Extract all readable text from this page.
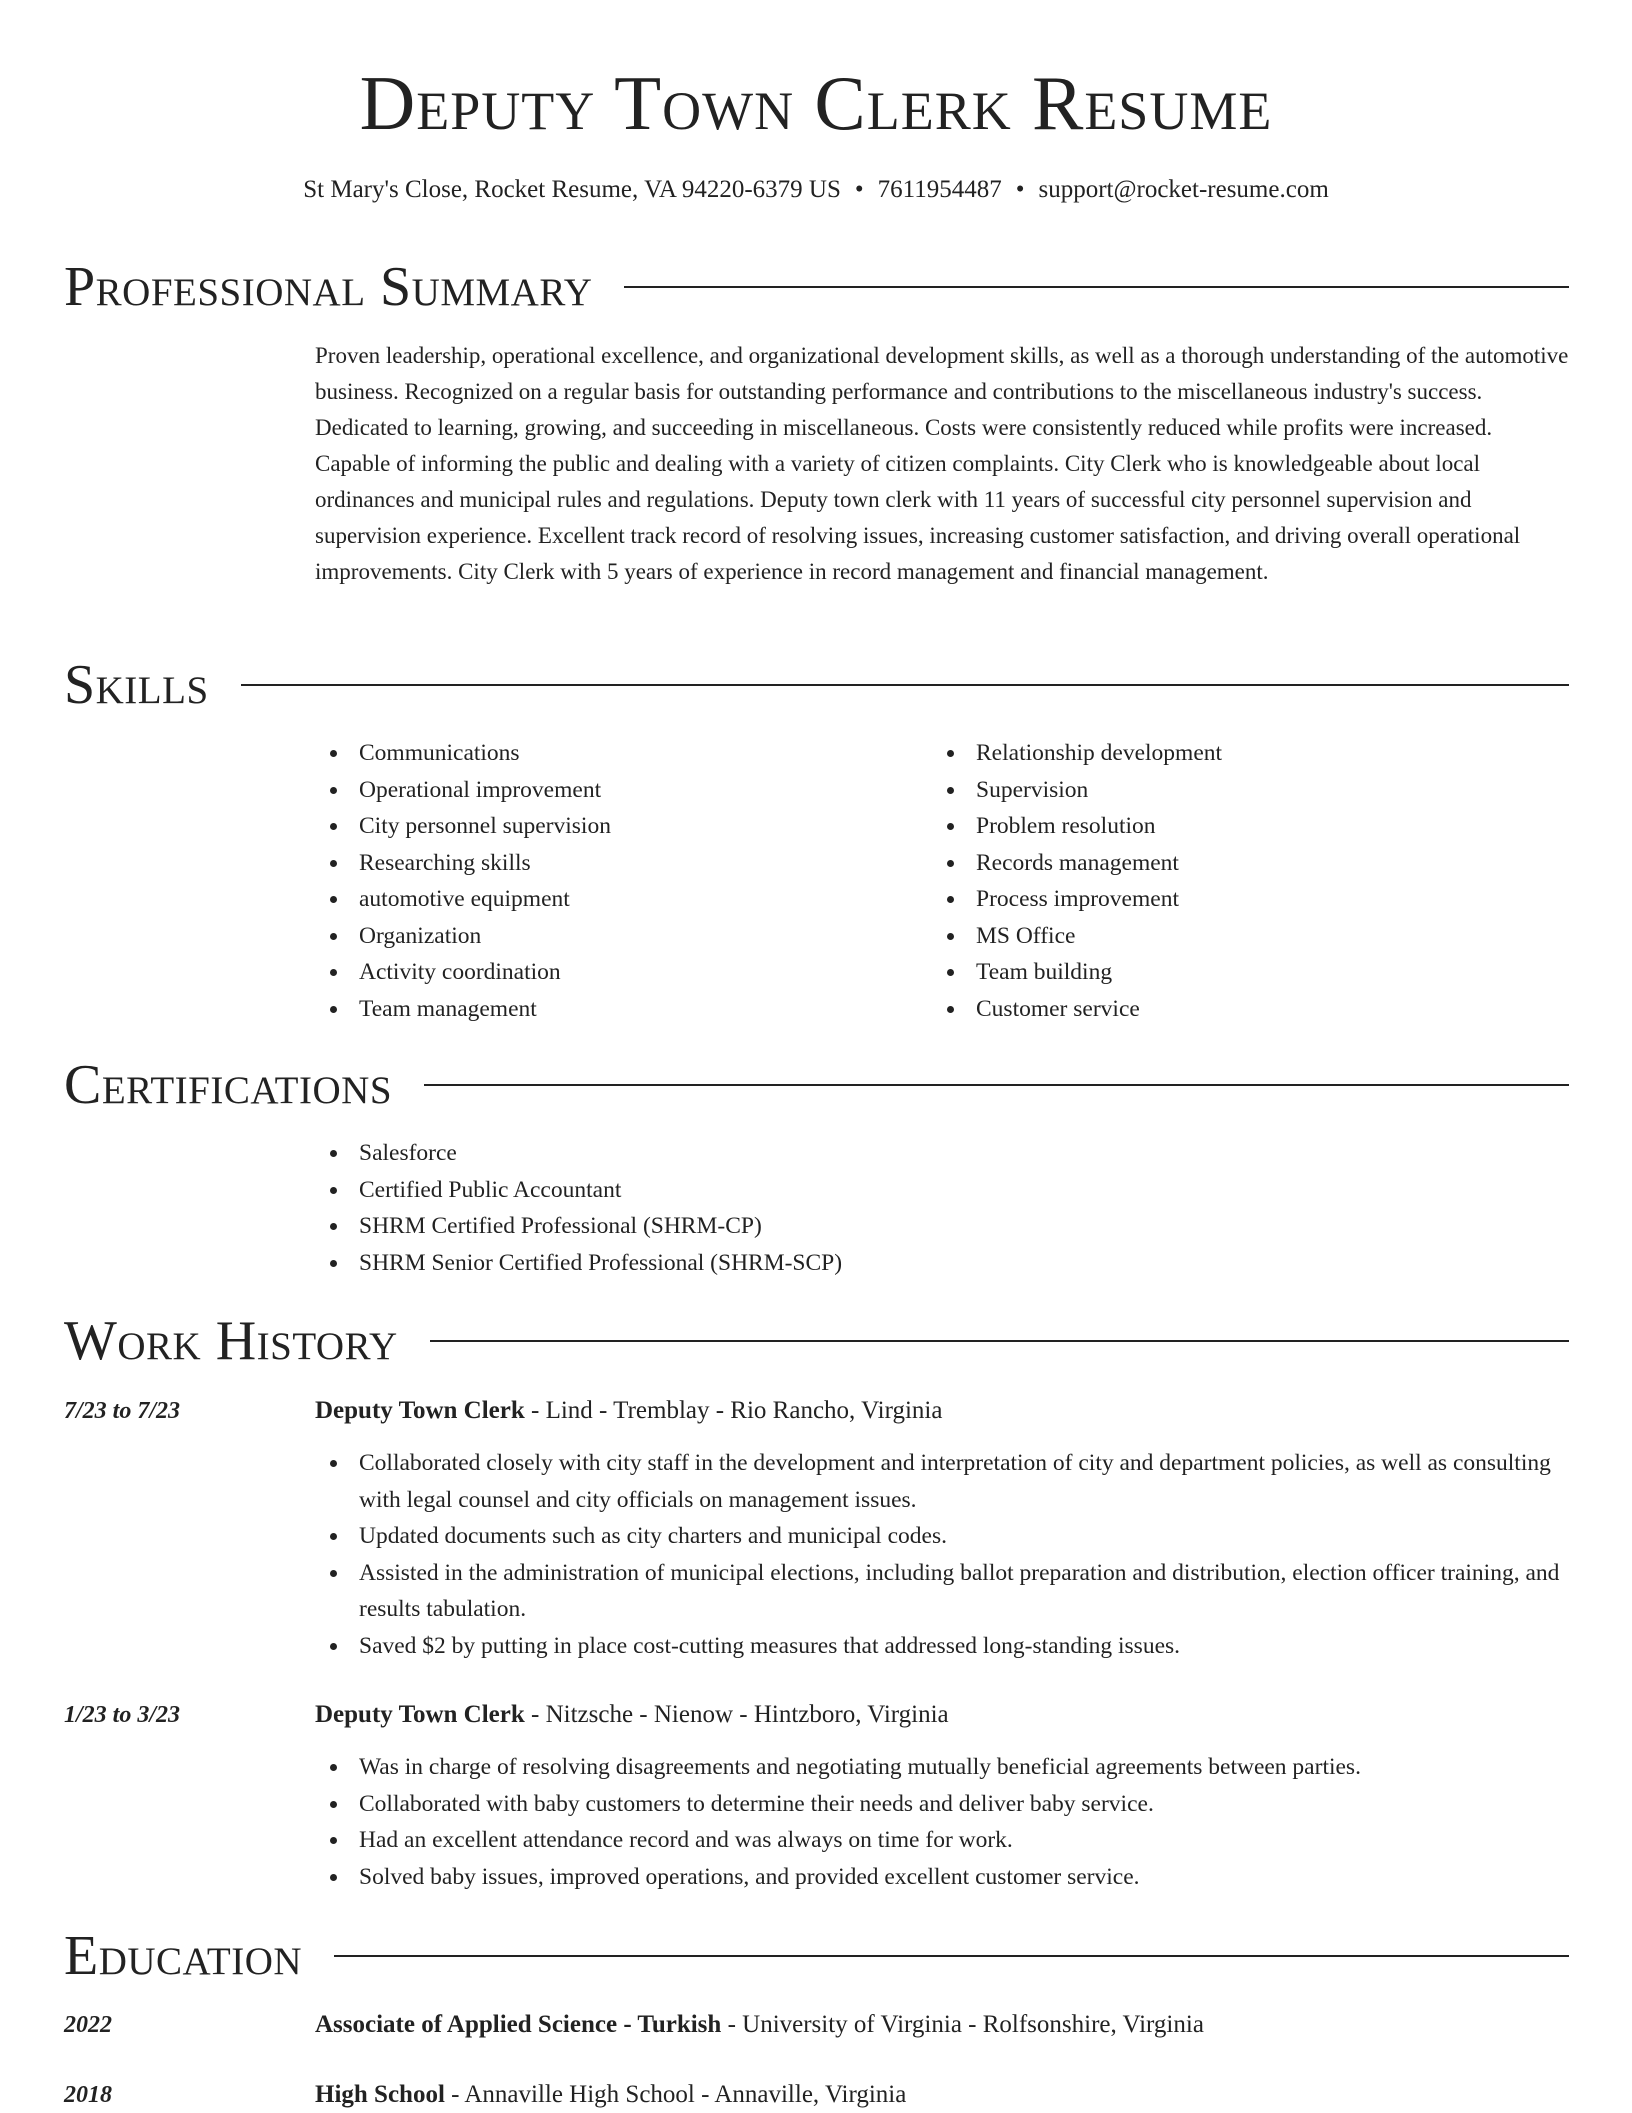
Deputy Town Clerk Resume
St Mary's Close, Rocket Resume, VA 94220-6379 US • 7611954487 • support@rocket-resume.com
Professional Summary

Proven leadership, operational excellence, and organizational development skills, as well as a thorough understanding of the automotive business. Recognized on a regular basis for outstanding performance and contributions to the miscellaneous industry's success. Dedicated to learning, growing, and succeeding in miscellaneous. Costs were consistently reduced while profits were increased. Capable of informing the public and dealing with a variety of citizen complaints. City Clerk who is knowledgeable about local ordinances and municipal rules and regulations. Deputy town clerk with 11 years of successful city personnel supervision and supervision experience. Excellent track record of resolving issues, increasing customer satisfaction, and driving overall operational improvements. City Clerk with 5 years of experience in record management and financial management.

Skills
Communications
Operational improvement
City personnel supervision
Researching skills
automotive equipment
Organization
Activity coordination
Team management
Relationship development
Supervision
Problem resolution
Records management
Process improvement
MS Office
Team building
Customer service
Certifications
Salesforce
Certified Public Accountant
SHRM Certified Professional (SHRM-CP)
SHRM Senior Certified Professional (SHRM-SCP)
Work History
7/23 to 7/23	Deputy Town Clerk - Lind - Tremblay - Rio Rancho, Virginia
Collaborated closely with city staff in the development and interpretation of city and department policies, as well as consulting with legal counsel and city officials on management issues.
Updated documents such as city charters and municipal codes.
Assisted in the administration of municipal elections, including ballot preparation and distribution, election officer training, and results tabulation.
Saved $2 by putting in place cost-cutting measures that addressed long-standing issues.
1/23 to 3/23	Deputy Town Clerk - Nitzsche - Nienow - Hintzboro, Virginia
Was in charge of resolving disagreements and negotiating mutually beneficial agreements between parties.
Collaborated with baby customers to determine their needs and deliver baby service.
Had an excellent attendance record and was always on time for work.
Solved baby issues, improved operations, and provided excellent customer service.
Education
2022	Associate of Applied Science - Turkish - University of Virginia - Rolfsonshire, Virginia
2018	High School - Annaville High School - Annaville, Virginia
